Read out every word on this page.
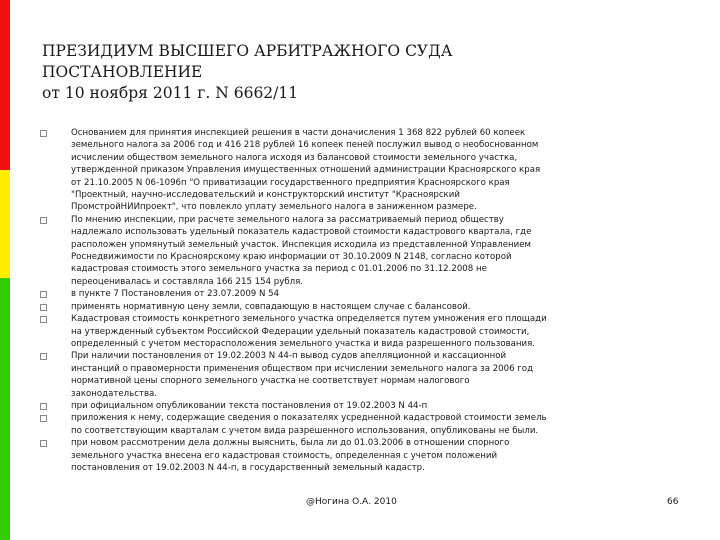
ПРЕЗИДИУМ ВЫСШЕГО АРБИТРАЖНОГО СУДА
ПОСТАНОВЛЕНИЕ
от 10 ноября 2011 г. N 6662/11
Основанием для принятия инспекцией решения в части доначисления 1 368 822 рублей 60 копеек
земельного налога за 2006 год и 416 218 рублей 16 копеек пеней послужил вывод о необоснованном
исчислении обществом земельного налога исходя из балансовой стоимости земельного участка,
утвержденной приказом Управления имущественных отношений администрации Красноярского края
от 21.10.2005 N 06-1096п "О приватизации государственного предприятия Красноярского края
"Проектный, научно-исследовательский и конструкторский институт "Красноярский
ПромстройНИИпроект", что повлекло уплату земельного налога в заниженном размере.
По мнению инспекции, при расчете земельного налога за рассматриваемый период обществу
надлежало использовать удельный показатель кадастровой стоимости кадастрового квартала, где
расположен упомянутый земельный участок. Инспекция исходила из представленной Управлением
Роснедвижимости по Красноярскому краю информации от 30.10.2009 N 2148, согласно которой
кадастровая стоимость этого земельного участка за период с 01.01.2006 по 31.12.2008 не
переоценивалась и составляла 166 215 154 рубля.
в пункте 7 Постановления от 23.07.2009 N 54
применять нормативную цену земли, совпадающую в настоящем случае с балансовой.
Кадастровая стоимость конкретного земельного участка определяется путем умножения его площади
на утвержденный субъектом Российской Федерации удельный показатель кадастровой стоимости,
определенный с учетом месторасположения земельного участка и вида разрешенного пользования.
При наличии постановления от 19.02.2003 N 44-п вывод судов апелляционной и кассационной
инстанций о правомерности применения обществом при исчислении земельного налога за 2006 год
нормативной цены спорного земельного участка не соответствует нормам налогового
законодательства.
при официальном опубликовании текста постановления от 19.02.2003 N 44-п
приложения к нему, содержащие сведения о показателях усредненной кадастровой стоимости земель
по соответствующим кварталам с учетом вида разрешенного использования, опубликованы не были.
при новом рассмотрении дела должны выяснить, была ли до 01.03.2006 в отношении спорного
земельного участка внесена его кадастровая стоимость, определенная с учетом положений
постановления от 19.02.2003 N 44-п, в государственный земельный кадастр.
@Ногина О.А. 2010	66
